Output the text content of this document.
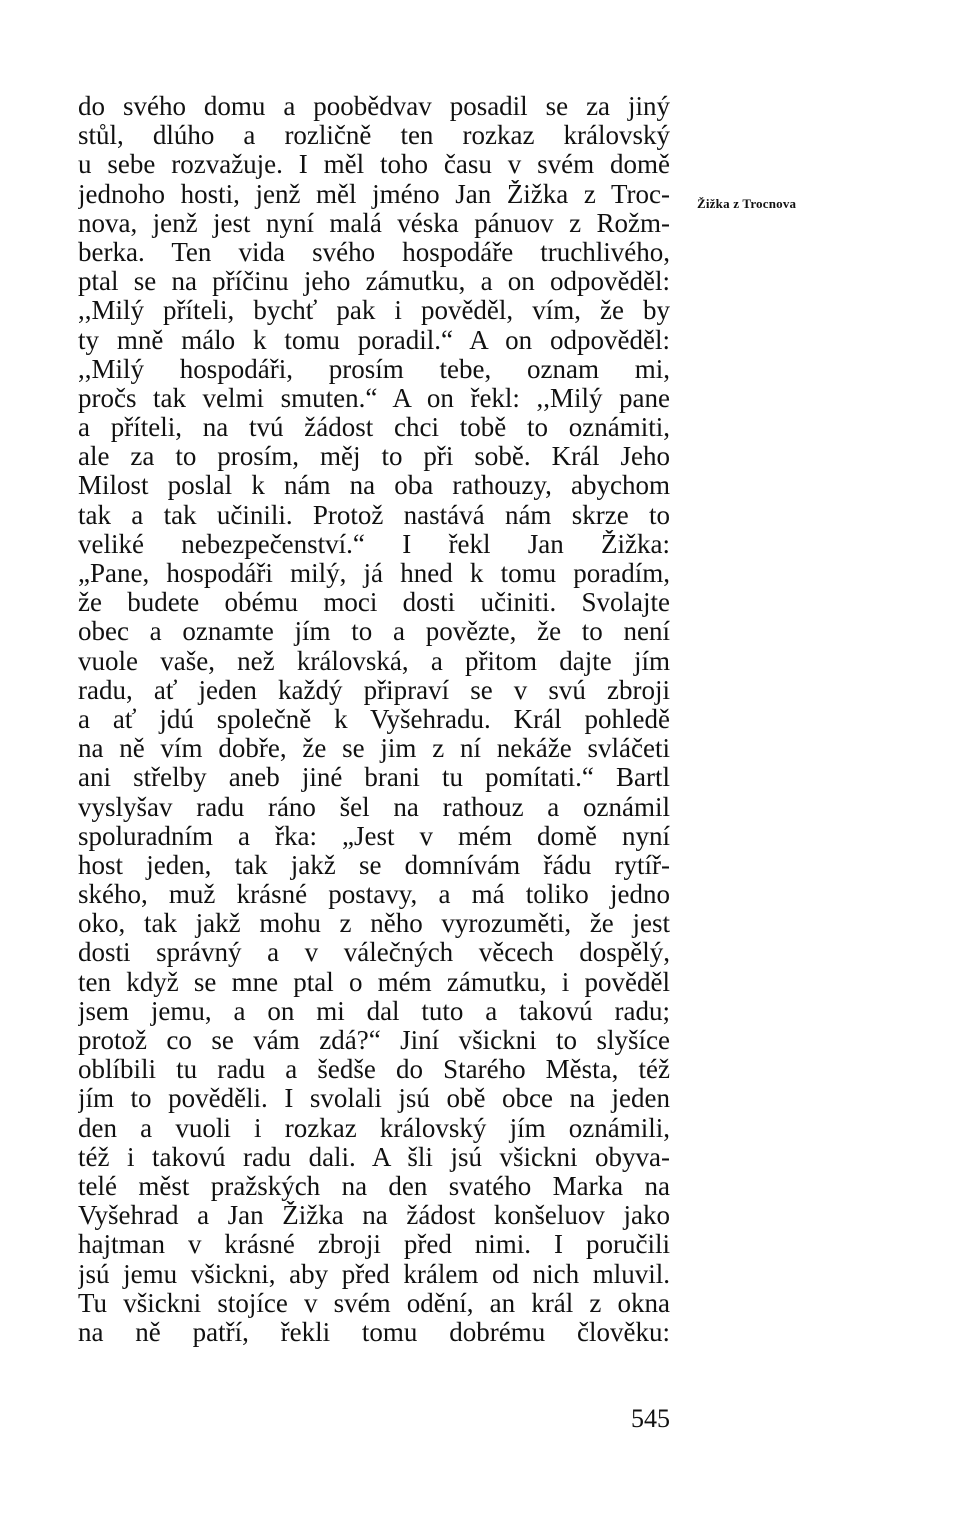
do svého domu a poobědvav posadil se za jiný
stůl, dlúho a rozličně ten rozkaz královský
u sebe rozvažuje. I měl toho času v svém domě
jednoho hosti, jenž měl jméno Jan Žižka z Troc-
nova, jenž jest nyní malá véska pánuov z Rožm-
berka. Ten vida svého hospodáře truchlivého,
ptal se na příčinu jeho zámutku, a on odpověděl:
,,Milý příteli, bychť pak i pověděl, vím, že by
ty mně málo k tomu poradil.“ A on odpověděl:
,,Milý hospodáři, prosím tebe, oznam mi,
pročs tak velmi smuten.“ A on řekl: ,,Milý pane
a příteli, na tvú žádost chci tobě to oznámiti,
ale za to prosím, měj to při sobě. Král Jeho
Milost poslal k nám na oba rathouzy, abychom
tak a tak učinili. Protož nastává nám skrze to
veliké nebezpečenství.“ I řekl Jan Žižka:
„Pane, hospodáři milý, já hned k tomu poradím,
že budete obému moci dosti učiniti. Svolajte
obec a oznamte jím to a povězte, že to není
vuole vaše, než královská, a přitom dajte jím
radu, ať jeden každý připraví se v svú zbroji
a ať jdú společně k Vyšehradu. Král pohledě
na ně vím dobře, že se jim z ní nekáže svláčeti
ani střelby aneb jiné brani tu pomítati.“ Bartl
vyslyšav radu ráno šel na rathouz a oznámil
spoluradním a řka: „Jest v mém domě nyní
host jeden, tak jakž se domnívám řádu rytíř-
ského, muž krásné postavy, a má toliko jedno
oko, tak jakž mohu z něho vyrozuměti, že jest
dosti správný a v válečných věcech dospělý,
ten když se mne ptal o mém zámutku, i pověděl
jsem jemu, a on mi dal tuto a takovú radu;
protož co se vám zdá?“ Jiní všickni to slyšíce
oblíbili tu radu a šedše do Starého Města, též
jím to pověděli. I svolali jsú obě obce na jeden
den a vuoli i rozkaz královský jím oznámili,
též i takovú radu dali. A šli jsú všickni obyva-
telé měst pražských na den svatého Marka na
Vyšehrad a Jan Žižka na žádost konšeluov jako
hajtman v krásné zbroji před nimi. I poručili
jsú jemu všickni, aby před králem od nich mluvil.
Tu všickni stojíce v svém odění, an král z okna
na ně patří, řekli tomu dobrému člověku:
Žižka z Trocnova
545
